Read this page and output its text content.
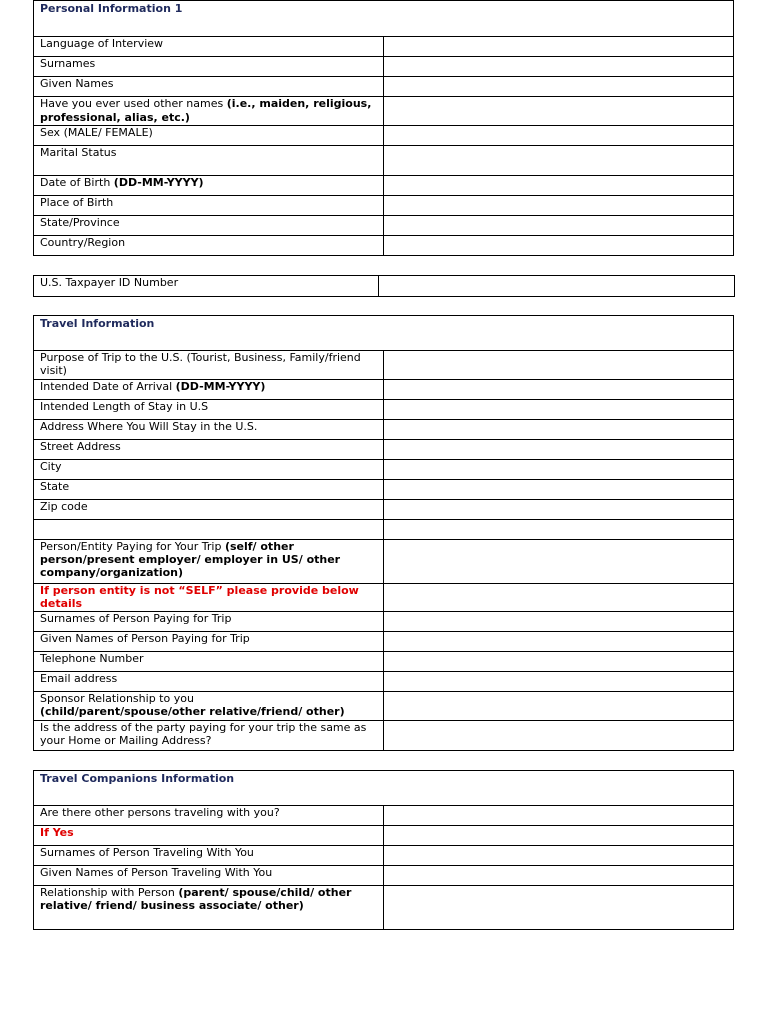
Personal Information 1	
Language of Interview	
Surnames	
Given Names	
Have you ever used other names (i.e., maiden, religious, professional, alias, etc.)	
Sex (MALE/ FEMALE)	
Marital Status	
Date of Birth (DD-MM-YYYY)	
Place of Birth	
State/Province	
Country/Region	
U.S. Taxpayer ID Number	
Travel Information	
Purpose of Trip to the U.S. (Tourist, Business, Family/friend visit)	
Intended Date of Arrival (DD-MM-YYYY)	
Intended Length of Stay in U.S	
Address Where You Will Stay in the U.S.	
Street Address	
City	
State	
Zip code	

Person/Entity Paying for Your Trip (self/ other person/present employer/ employer in US/ other company/organization)	
If person entity is not “SELF” please provide below details	
Surnames of Person Paying for Trip	
Given Names of Person Paying for Trip	
Telephone Number	
Email address	
Sponsor Relationship to you
(child/parent/spouse/other relative/friend/ other)	
Is the address of the party paying for your trip the same as your Home or Mailing Address?	
Travel Companions Information	
Are there other persons traveling with you?	
If Yes	
Surnames of Person Traveling With You	
Given Names of Person Traveling With You	
Relationship with Person (parent/ spouse/child/ other relative/ friend/ business associate/ other)	
